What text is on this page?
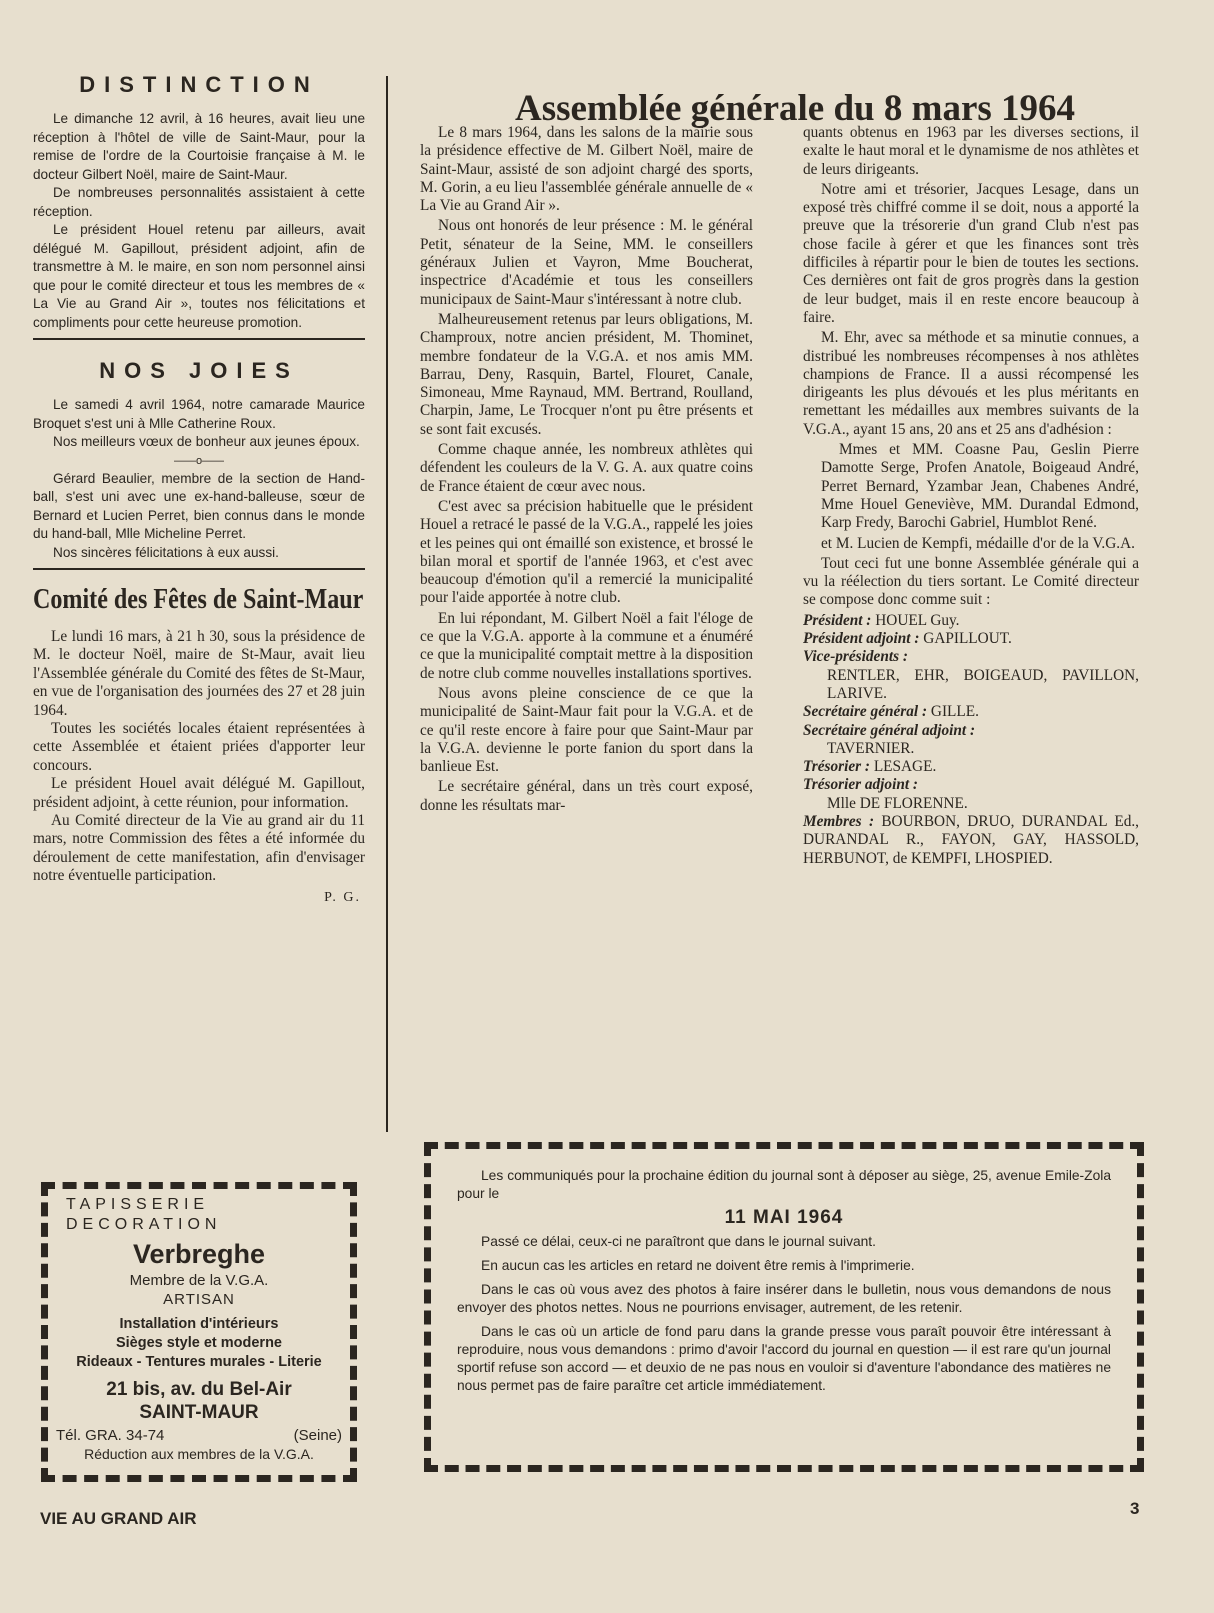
DISTINCTION

Le dimanche 12 avril, à 16 heures, avait lieu une réception à l'hôtel de ville de Saint-Maur, pour la remise de l'ordre de la Courtoisie française à M. le docteur Gilbert Noël, maire de Saint-Maur.

De nombreuses personnalités assistaient à cette réception.

Le président Houel retenu par ailleurs, avait délégué M. Gapillout, président adjoint, afin de transmettre à M. le maire, en son nom personnel ainsi que pour le comité directeur et tous les membres de « La Vie au Grand Air », toutes nos félicitations et compliments pour cette heureuse promotion.

NOS JOIES

Le samedi 4 avril 1964, notre camarade Maurice Broquet s'est uni à Mlle Catherine Roux.

Nos meilleurs vœux de bonheur aux jeunes époux.

——o——

Gérard Beaulier, membre de la section de Hand-ball, s'est uni avec une ex-hand-balleuse, sœur de Bernard et Lucien Perret, bien connus dans le monde du hand-ball, Mlle Micheline Perret.

Nos sincères félicitations à eux aussi.

Comité des Fêtes de Saint-Maur

Le lundi 16 mars, à 21 h 30, sous la présidence de M. le docteur Noël, maire de St-Maur, avait lieu l'Assemblée générale du Comité des fêtes de St-Maur, en vue de l'organisation des journées des 27 et 28 juin 1964.

Toutes les sociétés locales étaient représentées à cette Assemblée et étaient priées d'apporter leur concours.

Le président Houel avait délégué M. Gapillout, président adjoint, à cette réunion, pour information.

Au Comité directeur de la Vie au grand air du 11 mars, notre Commission des fêtes a été informée du déroulement de cette manifestation, afin d'envisager notre éventuelle participation.

P. G.
Assemblée générale du 8 mars 1964

Le 8 mars 1964, dans les salons de la mairie sous la présidence effective de M. Gilbert Noël, maire de Saint-Maur, assisté de son adjoint chargé des sports, M. Gorin, a eu lieu l'assemblée générale annuelle de « La Vie au Grand Air ».

Nous ont honorés de leur présence : M. le général Petit, sénateur de la Seine, MM. le conseillers généraux Julien et Vayron, Mme Boucherat, inspectrice d'Académie et tous les conseillers municipaux de Saint-Maur s'intéressant à notre club.

Malheureusement retenus par leurs obligations, M. Champroux, notre ancien président, M. Thominet, membre fondateur de la V.G.A. et nos amis MM. Barrau, Deny, Rasquin, Bartel, Flouret, Canale, Simoneau, Mme Raynaud, MM. Bertrand, Roulland, Charpin, Jame, Le Trocquer n'ont pu être présents et se sont fait excusés.

Comme chaque année, les nombreux athlètes qui défendent les couleurs de la V. G. A. aux quatre coins de France étaient de cœur avec nous.

C'est avec sa précision habituelle que le président Houel a retracé le passé de la V.G.A., rappelé les joies et les peines qui ont émaillé son existence, et brossé le bilan moral et sportif de l'année 1963, et c'est avec beaucoup d'émotion qu'il a remercié la municipalité pour l'aide apportée à notre club.

En lui répondant, M. Gilbert Noël a fait l'éloge de ce que la V.G.A. apporte à la commune et a énuméré ce que la municipalité comptait mettre à la disposition de notre club comme nouvelles installations sportives.

Nous avons pleine conscience de ce que la municipalité de Saint-Maur fait pour la V.G.A. et de ce qu'il reste encore à faire pour que Saint-Maur par la V.G.A. devienne le porte fanion du sport dans la banlieue Est.

Le secrétaire général, dans un très court exposé, donne les résultats mar-

quants obtenus en 1963 par les diverses sections, il exalte le haut moral et le dynamisme de nos athlètes et de leurs dirigeants.

Notre ami et trésorier, Jacques Lesage, dans un exposé très chiffré comme il se doit, nous a apporté la preuve que la trésorerie d'un grand Club n'est pas chose facile à gérer et que les finances sont très difficiles à répartir pour le bien de toutes les sections. Ces dernières ont fait de gros progrès dans la gestion de leur budget, mais il en reste encore beaucoup à faire.

M. Ehr, avec sa méthode et sa minutie connues, a distribué les nombreuses récompenses à nos athlètes champions de France. Il a aussi récompensé les dirigeants les plus dévoués et les plus méritants en remettant les médailles aux membres suivants de la V.G.A., ayant 15 ans, 20 ans et 25 ans d'adhésion :

Mmes et MM. Coasne Pau, Geslin Pierre Damotte Serge, Profen Anatole, Boigeaud André, Perret Bernard, Yzambar Jean, Chabenes André, Mme Houel Geneviève, MM. Durandal Edmond, Karp Fredy, Barochi Gabriel, Humblot René.

et M. Lucien de Kempfi, médaille d'or de la V.G.A.

Tout ceci fut une bonne Assemblée générale qui a vu la réélection du tiers sortant. Le Comité directeur se compose donc comme suit :

Président : HOUEL Guy.

Président adjoint : GAPILLOUT.

Vice-présidents :

RENTLER, EHR, BOIGEAUD, PAVILLON, LARIVE.

Secrétaire général : GILLE.

Secrétaire général adjoint :

TAVERNIER.

Trésorier : LESAGE.

Trésorier adjoint :

Mlle DE FLORENNE.

Membres : BOURBON, DRUO, DURANDAL Ed., DURANDAL R., FAYON, GAY, HASSOLD, HERBUNOT, de KEMPFI, LHOSPIED.

TAPISSERIE
DECORATION
Verbreghe
Membre de la V.G.A.
ARTISAN
Installation d'intérieurs
Sièges style et moderne
Rideaux - Tentures murales - Literie
21 bis, av. du Bel-Air
SAINT-MAUR
Tél. GRA. 34-74	(Seine)
Réduction aux membres de la V.G.A.

Les communiqués pour la prochaine édition du journal sont à déposer au siège, 25, avenue Emile-Zola pour le

11 MAI 1964

Passé ce délai, ceux-ci ne paraîtront que dans le journal suivant.

En aucun cas les articles en retard ne doivent être remis à l'imprimerie.

Dans le cas où vous avez des photos à faire insérer dans le bulletin, nous vous demandons de nous envoyer des photos nettes. Nous ne pourrions envisager, autrement, de les retenir.

Dans le cas où un article de fond paru dans la grande presse vous paraît pouvoir être intéressant à reproduire, nous vous demandons : primo d'avoir l'accord du journal en question — il est rare qu'un journal sportif refuse son accord — et deuxio de ne pas nous en vouloir si d'aventure l'abondance des matières ne nous permet pas de faire paraître cet article immédiatement.

VIE AU GRAND AIR
3
